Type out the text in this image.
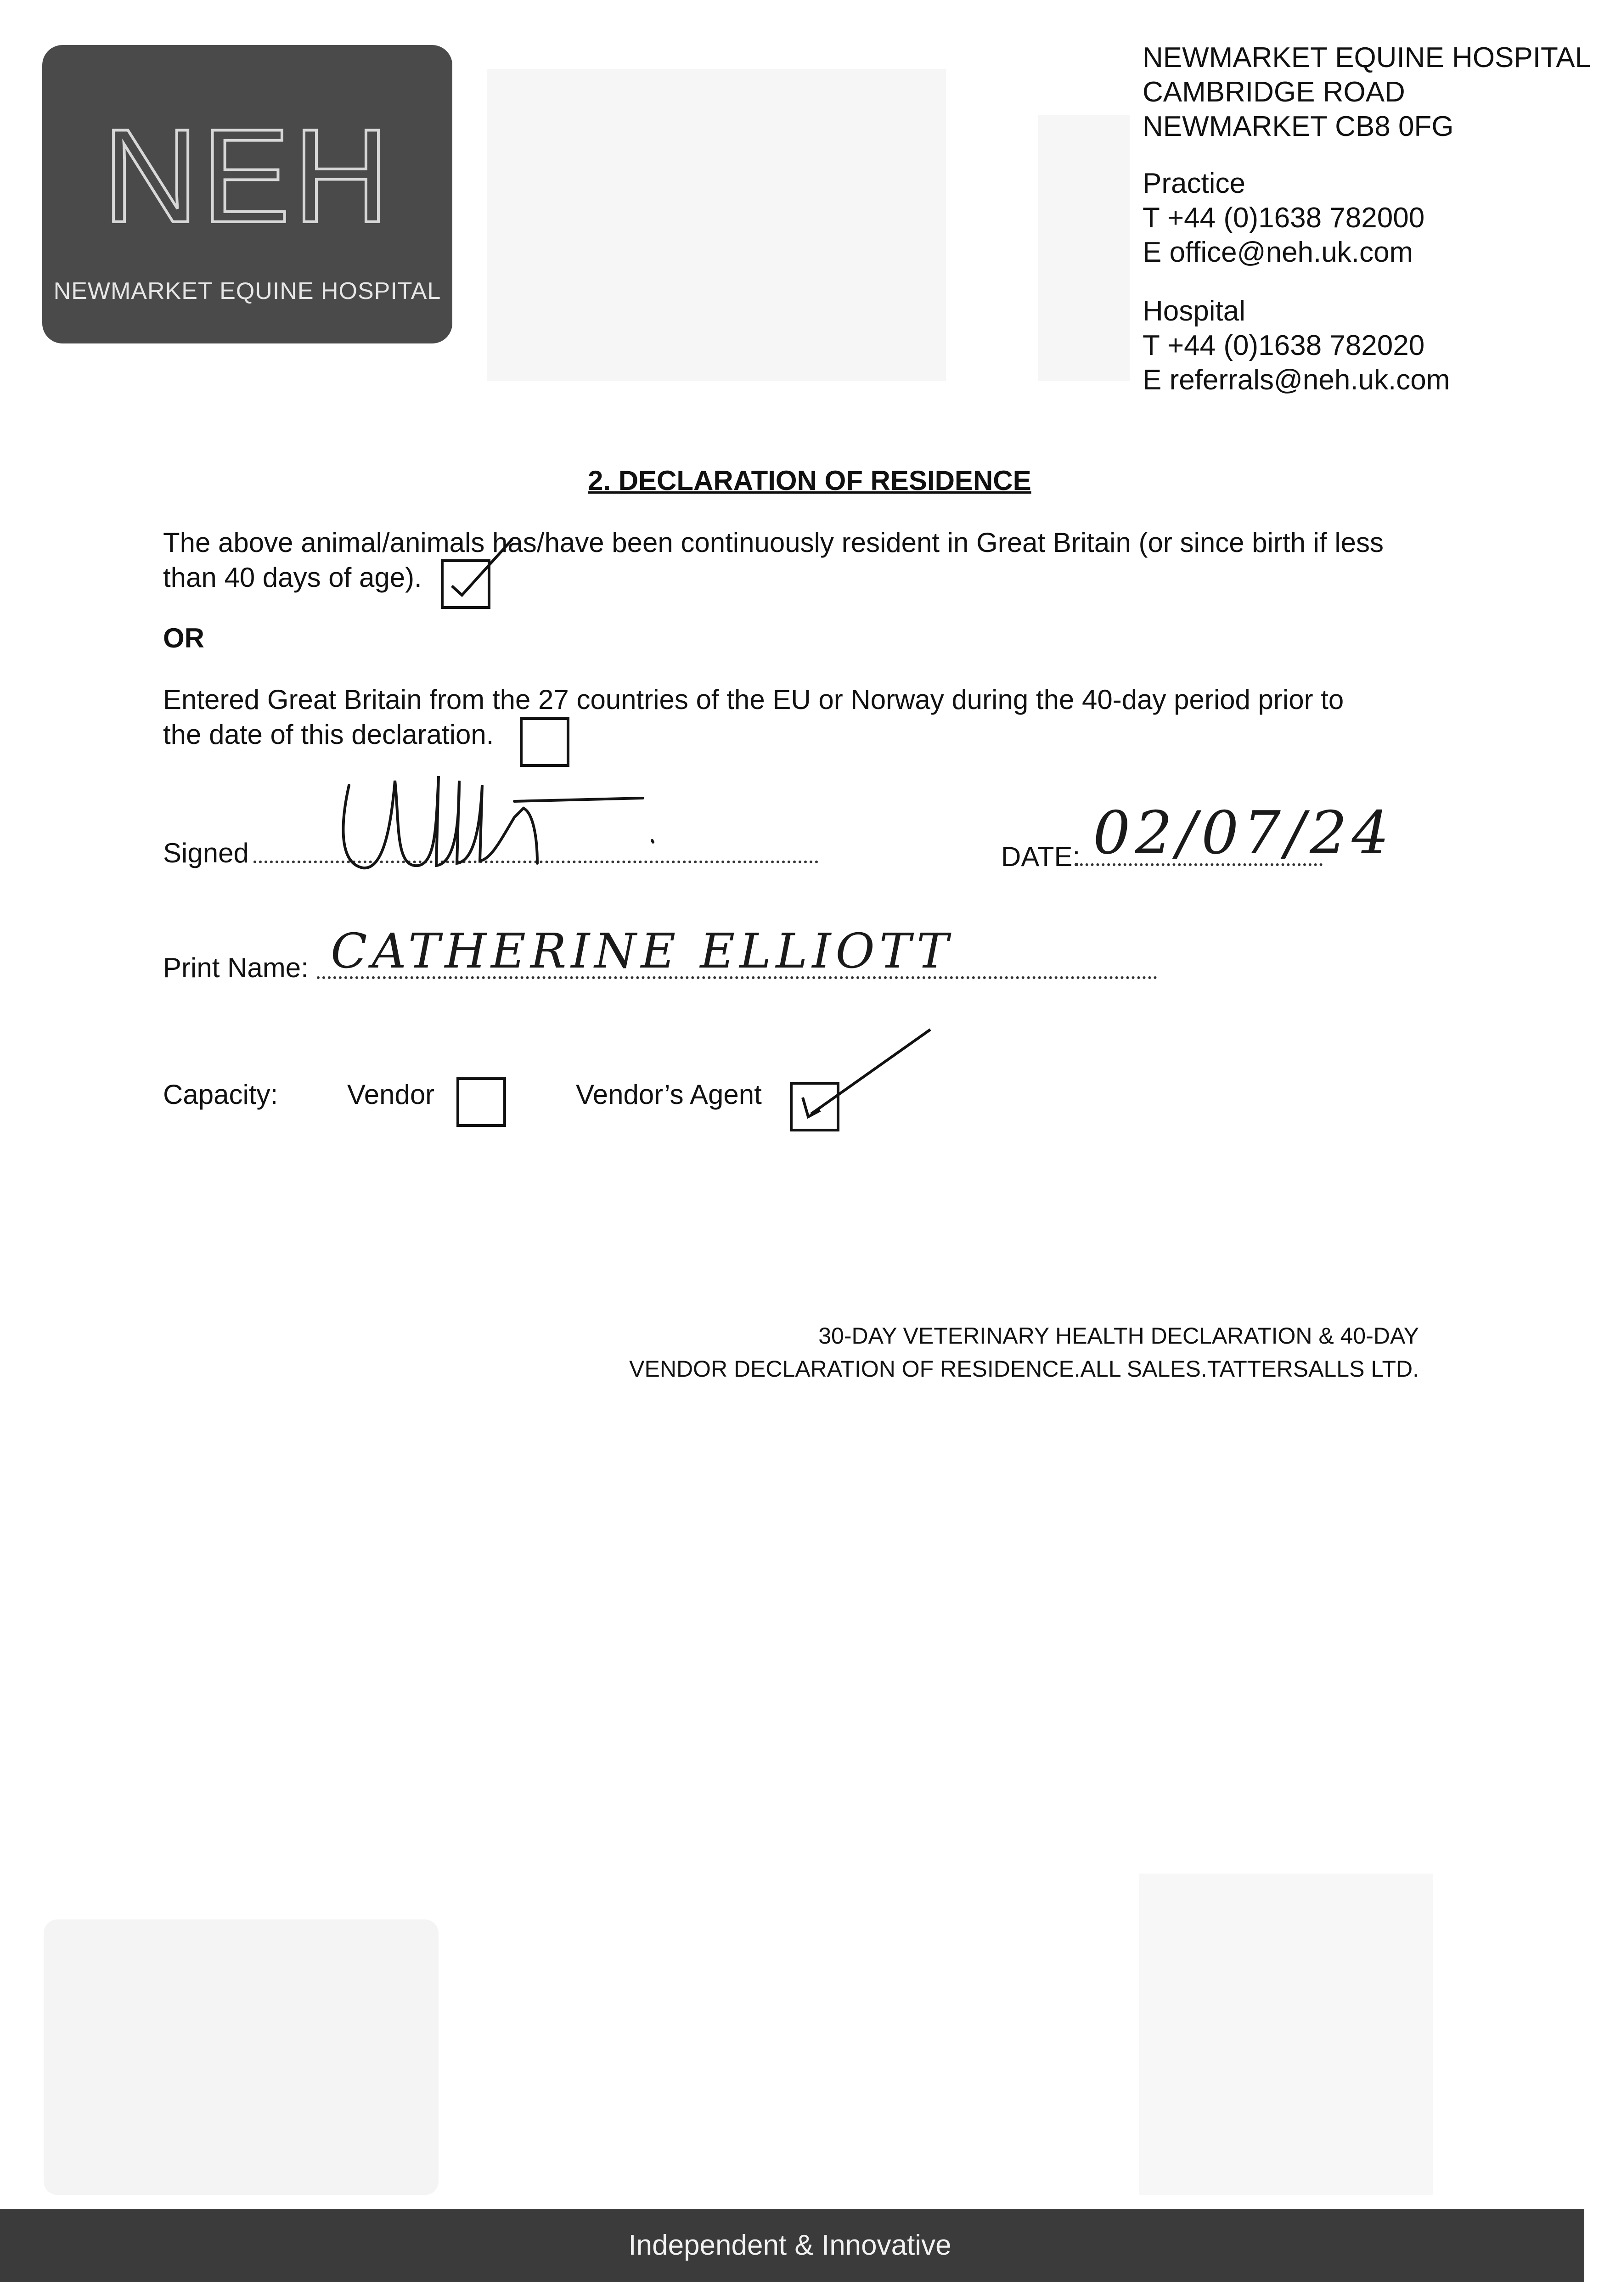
NEH
NEWMARKET EQUINE HOSPITAL
NEWMARKET EQUINE HOSPITAL
CAMBRIDGE ROAD
NEWMARKET CB8 0FG
Practice
T +44 (0)1638 782000
E office@neh.uk.com
Hospital
T +44 (0)1638 782020
E referrals@neh.uk.com
2. DECLARATION OF RESIDENCE
The above animal/animals has/have been continuously resident in Great Britain (or since birth if less
than 40 days of age).
OR
Entered Great Britain from the 27 countries of the EU or Norway during the 40-day period prior to
the date of this declaration.
Signed	DATE: 02/07/24
Print Name: CATHERINE ELLIOTT
Capacity:	Vendor	Vendor’s Agent
30-DAY VETERINARY HEALTH DECLARATION & 40-DAY
VENDOR DECLARATION OF RESIDENCE.ALL SALES.TATTERSALLS LTD.
Independent & Innovative
